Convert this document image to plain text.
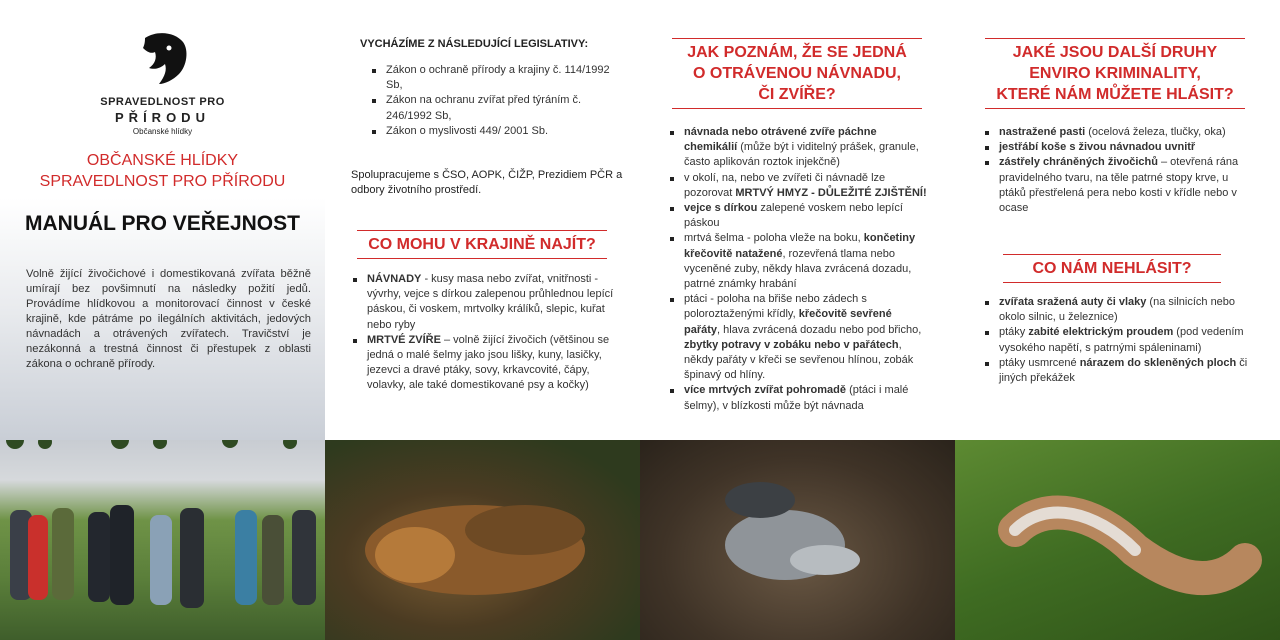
SPRAVEDLNOST PRO
PŘÍRODU
Občanské hlídky
OBČANSKÉ HLÍDKY
SPRAVEDLNOST PRO PŘÍRODU
MANUÁL PRO VEŘEJNOST
Volně žijící živočichové i domestikovaná zvířata běžně umírají bez povšimnutí na následky požití jedů. Provádíme hlídkovou a monitorovací činnost v české krajině, kde pátráme po ilegálních aktivitách, jedových návnadách a otrávených zvířatech. Travičství je nezákonná a trestná činnost či přestupek z oblasti zákona o ochraně přírody.
VYCHÁZÍME Z NÁSLEDUJÍCÍ LEGISLATIVY:
Zákon o ochraně přírody a krajiny č. 114/1992 Sb,
Zákon na ochranu zvířat před týráním č. 246/1992 Sb,
Zákon o myslivosti 449/ 2001 Sb.
Spolupracujeme s ČSO, AOPK, ČIŽP, Prezidiem PČR a odbory životního prostředí.
CO MOHU V KRAJINĚ NAJÍT?
NÁVNADY - kusy masa nebo zvířat, vnitřnosti - vývrhy, vejce s dírkou zalepenou průhlednou lepící páskou, či voskem, mrtvolky králíků, slepic, kuřat nebo ryby
MRTVÉ ZVÍŘE – volně žijící živočich (většinou se jedná o malé šelmy jako jsou lišky, kuny, lasičky, jezevci a dravé ptáky, sovy, krkavcovité, čápy, volavky, ale také domestikované psy a kočky)
JAK POZNÁM, ŽE SE JEDNÁ
O OTRÁVENOU NÁVNADU,
ČI ZVÍŘE?
návnada nebo otrávené zvíře páchne chemikálií (může být i viditelný prášek, granule, často aplikován roztok injekčně)
v okolí, na, nebo ve zvířeti či návnadě lze pozorovat MRTVÝ HMYZ - DŮLEŽITÉ ZJIŠTĚNÍ!
vejce s dírkou zalepené voskem nebo lepící páskou
mrtvá šelma - poloha vleže na boku, končetiny křečovitě natažené, rozevřená tlama nebo vyceněné zuby, někdy hlava zvrácená dozadu, patrné známky hrabání
ptáci - poloha na břiše nebo zádech s poloroztaženými křídly, křečovitě sevřené pařáty, hlava zvrácená dozadu nebo pod břicho, zbytky potravy v zobáku nebo v pařátech, někdy pařáty v křeči se sevřenou hlínou, zobák špinavý od hlíny.
více mrtvých zvířat pohromadě (ptáci i malé šelmy), v blízkosti může být návnada
JAKÉ JSOU DALŠÍ DRUHY
ENVIRO KRIMINALITY,
KTERÉ NÁM MŮŽETE HLÁSIT?
nastražené pasti (ocelová železa, tlučky, oka)
jestřábí koše s živou návnadou uvnitř
zástřely chráněných živočichů – otevřená rána pravidelného tvaru, na těle patrné stopy krve, u ptáků přestřelená pera nebo kosti v křídle nebo v ocase
CO NÁM NEHLÁSIT?
zvířata sražená auty či vlaky (na silnicích nebo okolo silnic, u železnice)
ptáky zabité elektrickým proudem (pod vedením vysokého napětí, s patrnými spáleninami)
ptáky usmrcené nárazem do skleněných ploch či jiných překážek
